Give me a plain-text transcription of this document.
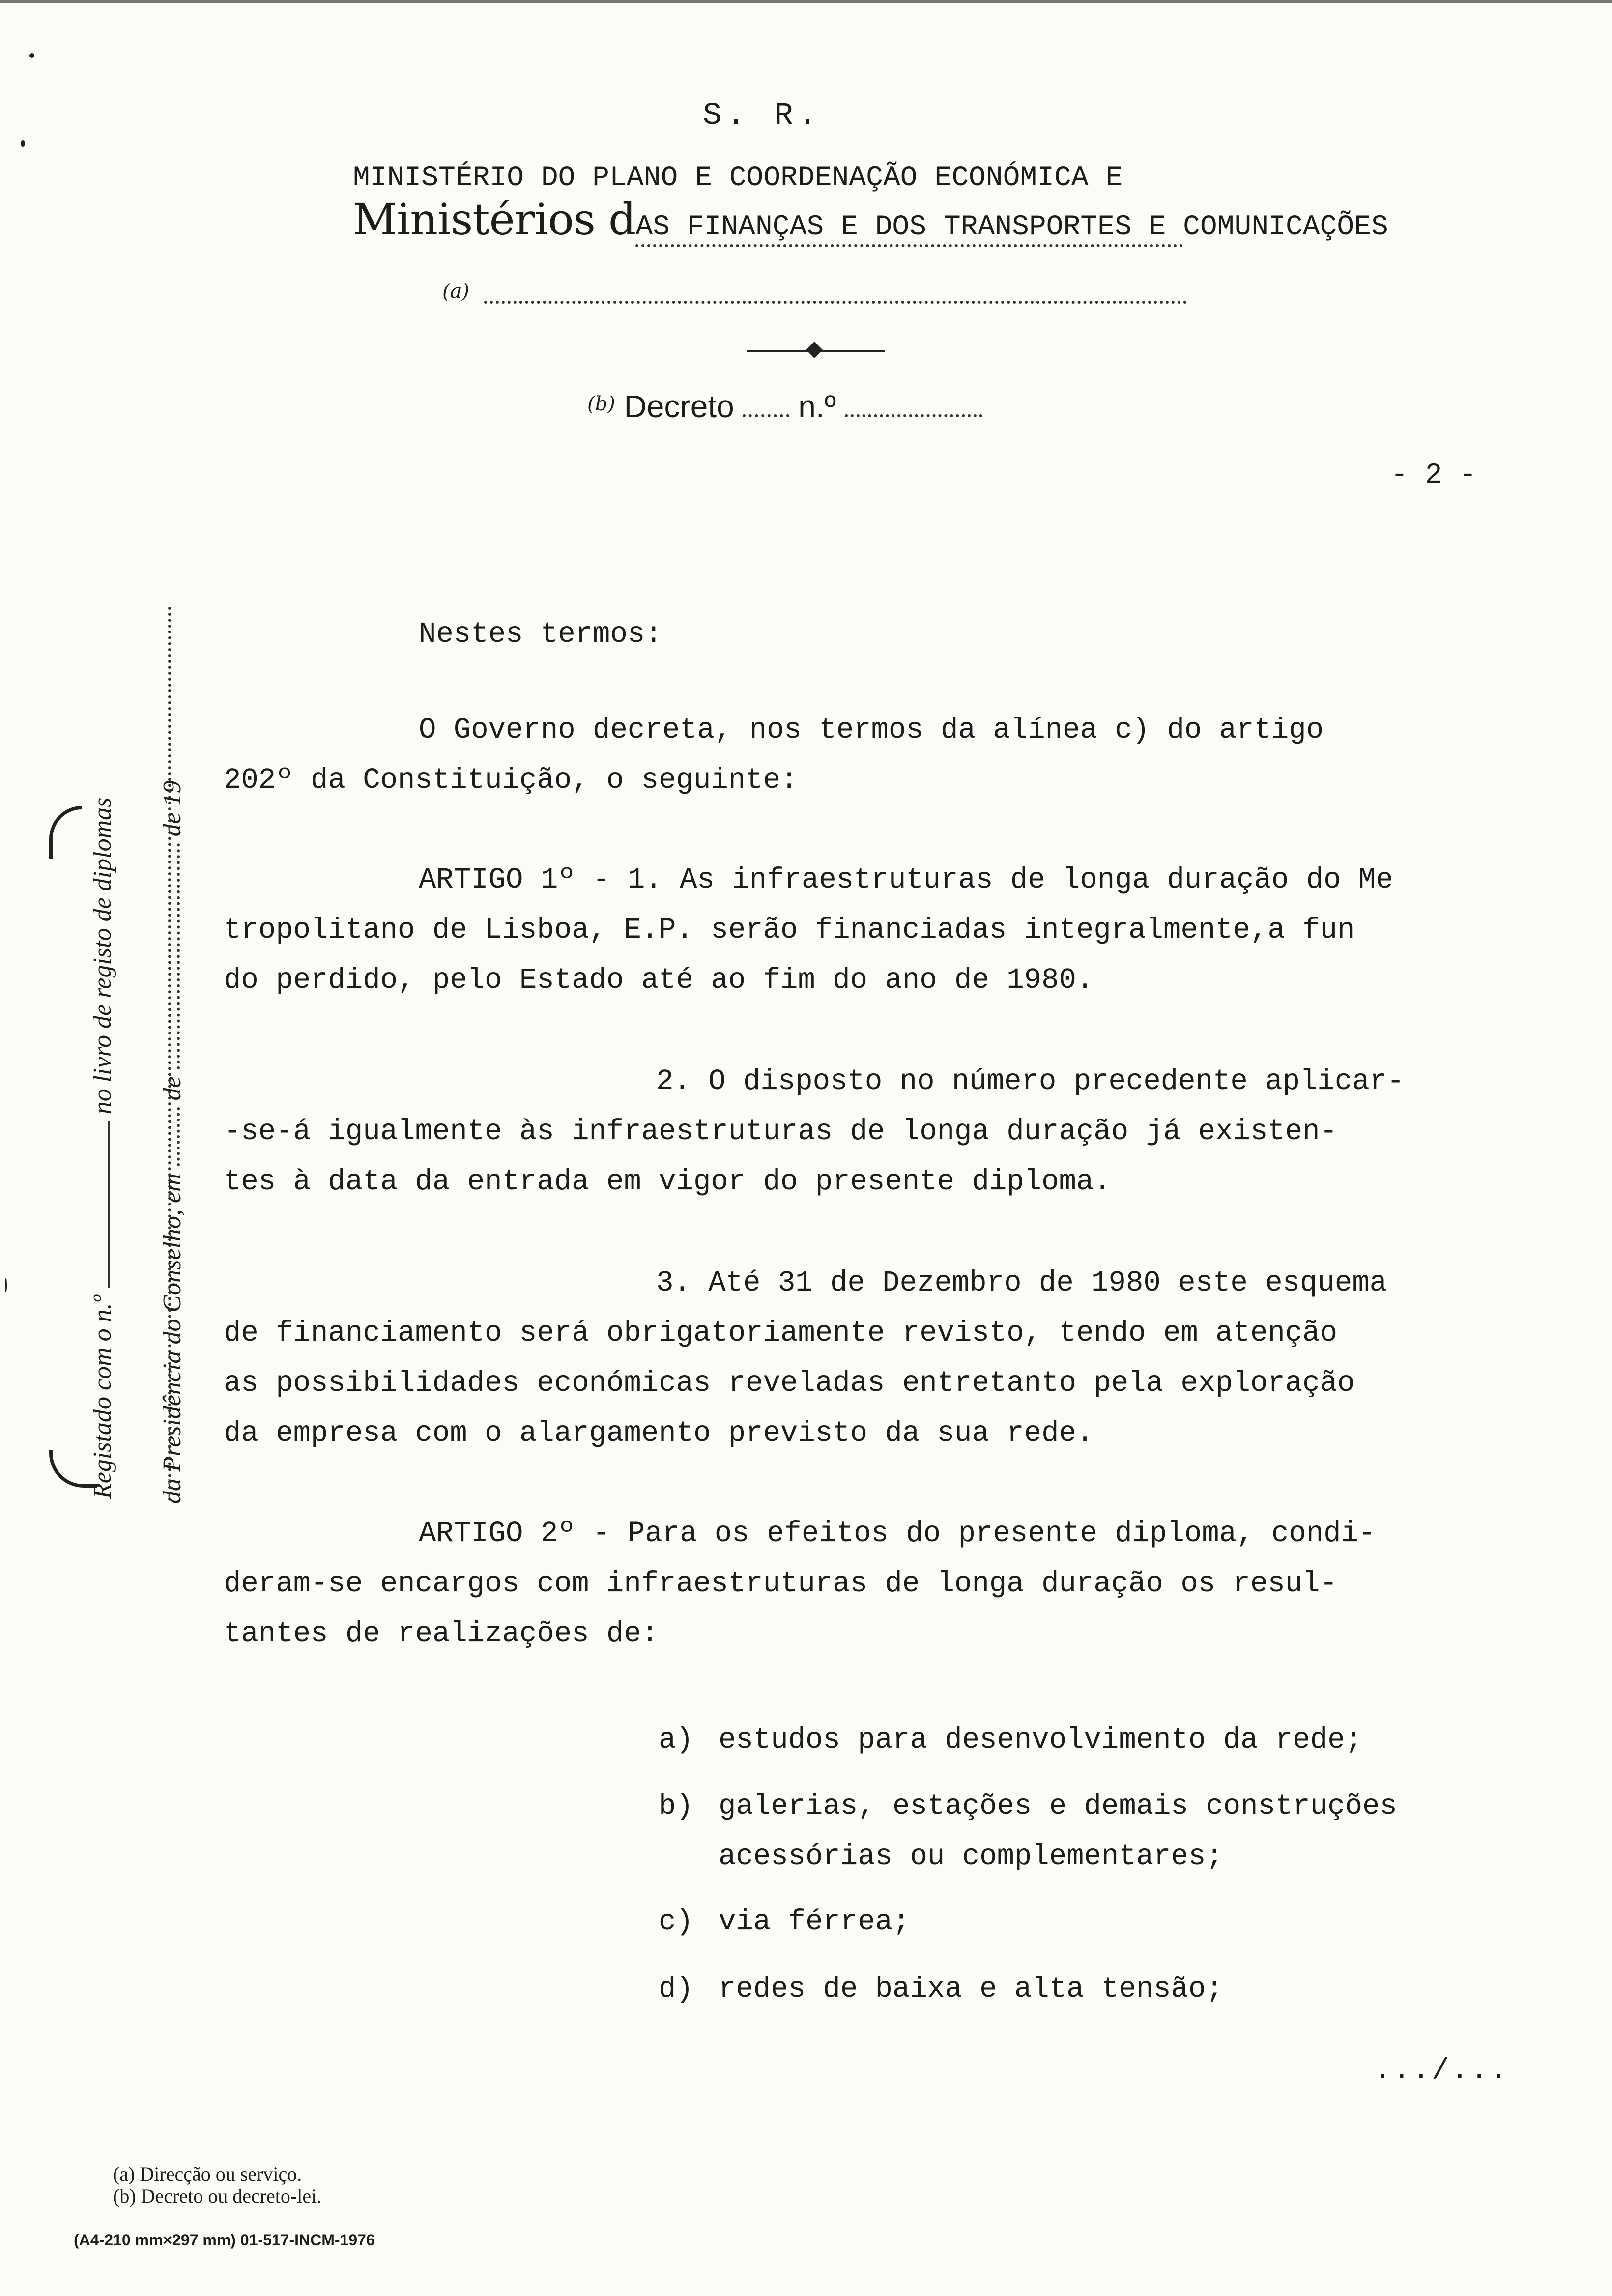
S. R.
MINISTÉRIO DO PLANO E COORDENAÇÃO ECONÓMICA E
Ministérios dAS FINANÇAS E DOS TRANSPORTES E COMUNICAÇÕES
(a)
$^{(b)}$ Decreto n.º
- 2 -
Registado com o n.º
no livro de registo de diplomas
da Presidência do Conselho, em
de
de 19
Nestes termos:
O Governo decreta, nos termos da alínea c) do artigo
202º da Constituição, o seguinte:
ARTIGO 1º - 1. As infraestruturas de longa duração do Me
tropolitano de Lisboa, E.P. serão financiadas integralmente,a fun
do perdido, pelo Estado até ao fim do ano de 1980.
2. O disposto no número precedente aplicar-
-se-á igualmente às infraestruturas de longa duração já existen-
tes à data da entrada em vigor do presente diploma.
3. Até 31 de Dezembro de 1980 este esquema
de financiamento será obrigatoriamente revisto, tendo em atenção
as possibilidades económicas reveladas entretanto pela exploração
da empresa com o alargamento previsto da sua rede.
ARTIGO 2º - Para os efeitos do presente diploma, condi-
deram-se encargos com infraestruturas de longa duração os resul-
tantes de realizações de:
a) estudos para desenvolvimento da rede;
b) galerias, estações e demais construções
acessórias ou complementares;
c) via férrea;
d) redes de baixa e alta tensão;
.../...
(a) Direcção ou serviço.
(b) Decreto ou decreto-lei.
(A4-210 mm×297 mm) 01-517-INCM-1976
